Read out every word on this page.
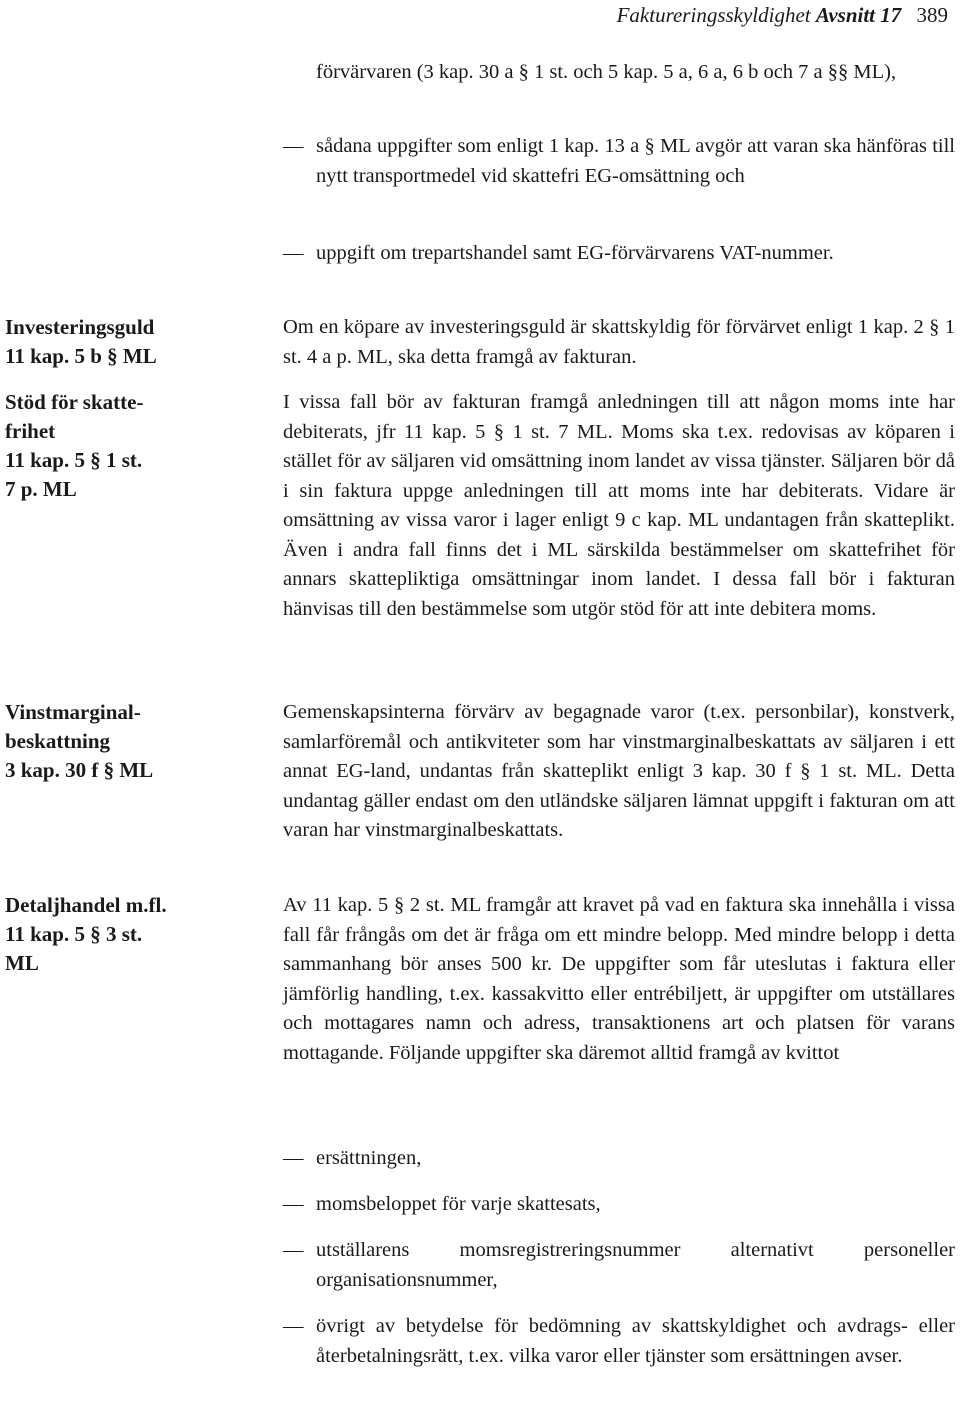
Faktureringsskyldighet Avsnitt 17 389
Investeringsguld
11 kap. 5 b § ML
Stöd för skatte-
frihet
11 kap. 5 § 1 st.
7 p. ML
Vinstmarginal-
beskattning
3 kap. 30 f § ML
Detaljhandel m.fl.
11 kap. 5 § 3 st.
ML

förvärvaren (3 kap. 30 a § 1 st. och 5 kap. 5 a, 6 a, 6 b och 7 a §§ ML),

— sådana uppgifter som enligt 1 kap. 13 a § ML avgör att varan ska hänföras till nytt transportmedel vid skattefri EG-omsättning och
— uppgift om trepartshandel samt EG-förvärvarens VAT-nummer.

Om en köpare av investeringsguld är skattskyldig för förvärvet enligt 1 kap. 2 § 1 st. 4 a p. ML, ska detta framgå av fakturan.

I vissa fall bör av fakturan framgå anledningen till att någon moms inte har debiterats, jfr 11 kap. 5 § 1 st. 7 ML. Moms ska t.ex. redovisas av köparen i stället för av säljaren vid omsättning inom landet av vissa tjänster. Säljaren bör då i sin faktura uppge anledningen till att moms inte har debiterats. Vidare är omsättning av vissa varor i lager enligt 9 c kap. ML undantagen från skatteplikt. Även i andra fall finns det i ML särskilda bestämmelser om skattefrihet för annars skattepliktiga omsättningar inom landet. I dessa fall bör i fakturan hänvisas till den bestämmelse som utgör stöd för att inte debitera moms.

Gemenskapsinterna förvärv av begagnade varor (t.ex. personbilar), konstverk, samlarföremål och antikviteter som har vinstmarginalbeskattats av säljaren i ett annat EG-land, undantas från skatteplikt enligt 3 kap. 30 f § 1 st. ML. Detta undantag gäller endast om den utländske säljaren lämnat uppgift i fakturan om att varan har vinstmarginalbeskattats.

Av 11 kap. 5 § 2 st. ML framgår att kravet på vad en faktura ska innehålla i vissa fall får frångås om det är fråga om ett mindre belopp. Med mindre belopp i detta sammanhang bör anses 500 kr. De uppgifter som får uteslutas i faktura eller jämförlig handling, t.ex. kassakvitto eller entrébiljett, är uppgifter om utställares och mottagares namn och adress, transaktionens art och platsen för varans mottagande. Följande uppgifter ska däremot alltid framgå av kvittot

— ersättningen,
— momsbeloppet för varje skattesats,
— utställarens momsregistreringsnummer alternativt personeller organisationsnummer,
— övrigt av betydelse för bedömning av skattskyldighet och avdrags- eller återbetalningsrätt, t.ex. vilka varor eller tjänster som ersättningen avser.
